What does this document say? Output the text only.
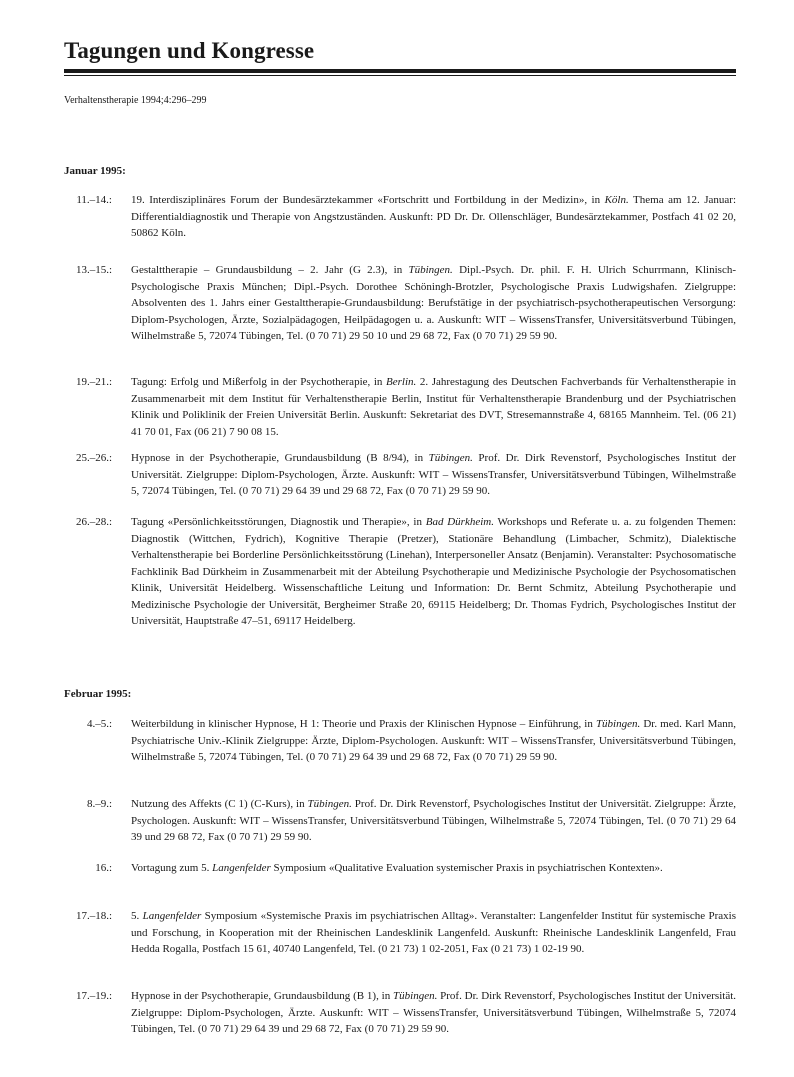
Tagungen und Kongresse
Verhaltenstherapie 1994;4:296–299
Januar 1995:
11.–14.: 19. Interdisziplinäres Forum der Bundesärztekammer «Fortschritt und Fortbildung in der Medizin», in Köln. Thema am 12. Januar: Differentialdiagnostik und Therapie von Angstzuständen. Auskunft: PD Dr. Dr. Ollenschläger, Bundesärztekammer, Postfach 41 02 20, 50862 Köln.
13.–15.: Gestalttherapie – Grundausbildung – 2. Jahr (G 2.3), in Tübingen. Dipl.-Psych. Dr. phil. F. H. Ulrich Schurrmann, Klinisch-Psychologische Praxis München; Dipl.-Psych. Dorothee Schöningh-Brotzler, Psychologische Praxis Ludwigshafen. Zielgruppe: Absolventen des 1. Jahrs einer Gestalttherapie-Grundausbildung: Berufstätige in der psychiatrisch-psychotherapeutischen Versorgung: Diplom-Psychologen, Ärzte, Sozialpädagogen, Heilpädagogen u. a. Auskunft: WIT – WissensTransfer, Universitätsverbund Tübingen, Wilhelmstraße 5, 72074 Tübingen, Tel. (0 70 71) 29 50 10 und 29 68 72, Fax (0 70 71) 29 59 90.
19.–21.: Tagung: Erfolg und Mißerfolg in der Psychotherapie, in Berlin. 2. Jahrestagung des Deutschen Fachverbands für Verhaltenstherapie in Zusammenarbeit mit dem Institut für Verhaltenstherapie Berlin, Institut für Verhaltenstherapie Brandenburg und der Psychiatrischen Klinik und Poliklinik der Freien Universität Berlin. Auskunft: Sekretariat des DVT, Stresemannstraße 4, 68165 Mannheim. Tel. (06 21) 41 70 01, Fax (06 21) 7 90 08 15.
25.–26.: Hypnose in der Psychotherapie, Grundausbildung (B 8/94), in Tübingen. Prof. Dr. Dirk Revenstorf, Psychologisches Institut der Universität. Zielgruppe: Diplom-Psychologen, Ärzte. Auskunft: WIT – WissensTransfer, Universitätsverbund Tübingen, Wilhelmstraße 5, 72074 Tübingen, Tel. (0 70 71) 29 64 39 und 29 68 72, Fax (0 70 71) 29 59 90.
26.–28.: Tagung «Persönlichkeitsstörungen, Diagnostik und Therapie», in Bad Dürkheim. Workshops und Referate u. a. zu folgenden Themen: Diagnostik (Wittchen, Fydrich), Kognitive Therapie (Pretzer), Stationäre Behandlung (Limbacher, Schmitz), Dialektische Verhaltenstherapie bei Borderline Persönlichkeitsstörung (Linehan), Interpersoneller Ansatz (Benjamin). Veranstalter: Psychosomatische Fachklinik Bad Dürkheim in Zusammenarbeit mit der Abteilung Psychotherapie und Medizinische Psychologie der Psychosomatischen Klinik, Universität Heidelberg. Wissenschaftliche Leitung und Information: Dr. Bernt Schmitz, Abteilung Psychotherapie und Medizinische Psychologie der Universität, Bergheimer Straße 20, 69115 Heidelberg; Dr. Thomas Fydrich, Psychologisches Institut der Universität, Hauptstraße 47–51, 69117 Heidelberg.
Februar 1995:
4.–5.: Weiterbildung in klinischer Hypnose, H 1: Theorie und Praxis der Klinischen Hypnose – Einführung, in Tübingen. Dr. med. Karl Mann, Psychiatrische Univ.-Klinik Zielgruppe: Ärzte, Diplom-Psychologen. Auskunft: WIT – WissensTransfer, Universitätsverbund Tübingen, Wilhelmstraße 5, 72074 Tübingen, Tel. (0 70 71) 29 64 39 und 29 68 72, Fax (0 70 71) 29 59 90.
8.–9.: Nutzung des Affekts (C 1) (C-Kurs), in Tübingen. Prof. Dr. Dirk Revenstorf, Psychologisches Institut der Universität. Zielgruppe: Ärzte, Psychologen. Auskunft: WIT – WissensTransfer, Universitätsverbund Tübingen, Wilhelmstraße 5, 72074 Tübingen, Tel. (0 70 71) 29 64 39 und 29 68 72, Fax (0 70 71) 29 59 90.
16.: Vortagung zum 5. Langenfelder Symposium «Qualitative Evaluation systemischer Praxis in psychiatrischen Kontexten».
17.–18.: 5. Langenfelder Symposium «Systemische Praxis im psychiatrischen Alltag». Veranstalter: Langenfelder Institut für systemische Praxis und Forschung, in Kooperation mit der Rheinischen Landesklinik Langenfeld. Auskunft: Rheinische Landesklinik Langenfeld, Frau Hedda Rogalla, Postfach 15 61, 40740 Langenfeld, Tel. (0 21 73) 1 02-2051, Fax (0 21 73) 1 02-19 90.
17.–19.: Hypnose in der Psychotherapie, Grundausbildung (B 1), in Tübingen. Prof. Dr. Dirk Revenstorf, Psychologisches Institut der Universität. Zielgruppe: Diplom-Psychologen, Ärzte. Auskunft: WIT – WissensTransfer, Universitätsverbund Tübingen, Wilhelmstraße 5, 72074 Tübingen, Tel. (0 70 71) 29 64 39 und 29 68 72, Fax (0 70 71) 29 59 90.
